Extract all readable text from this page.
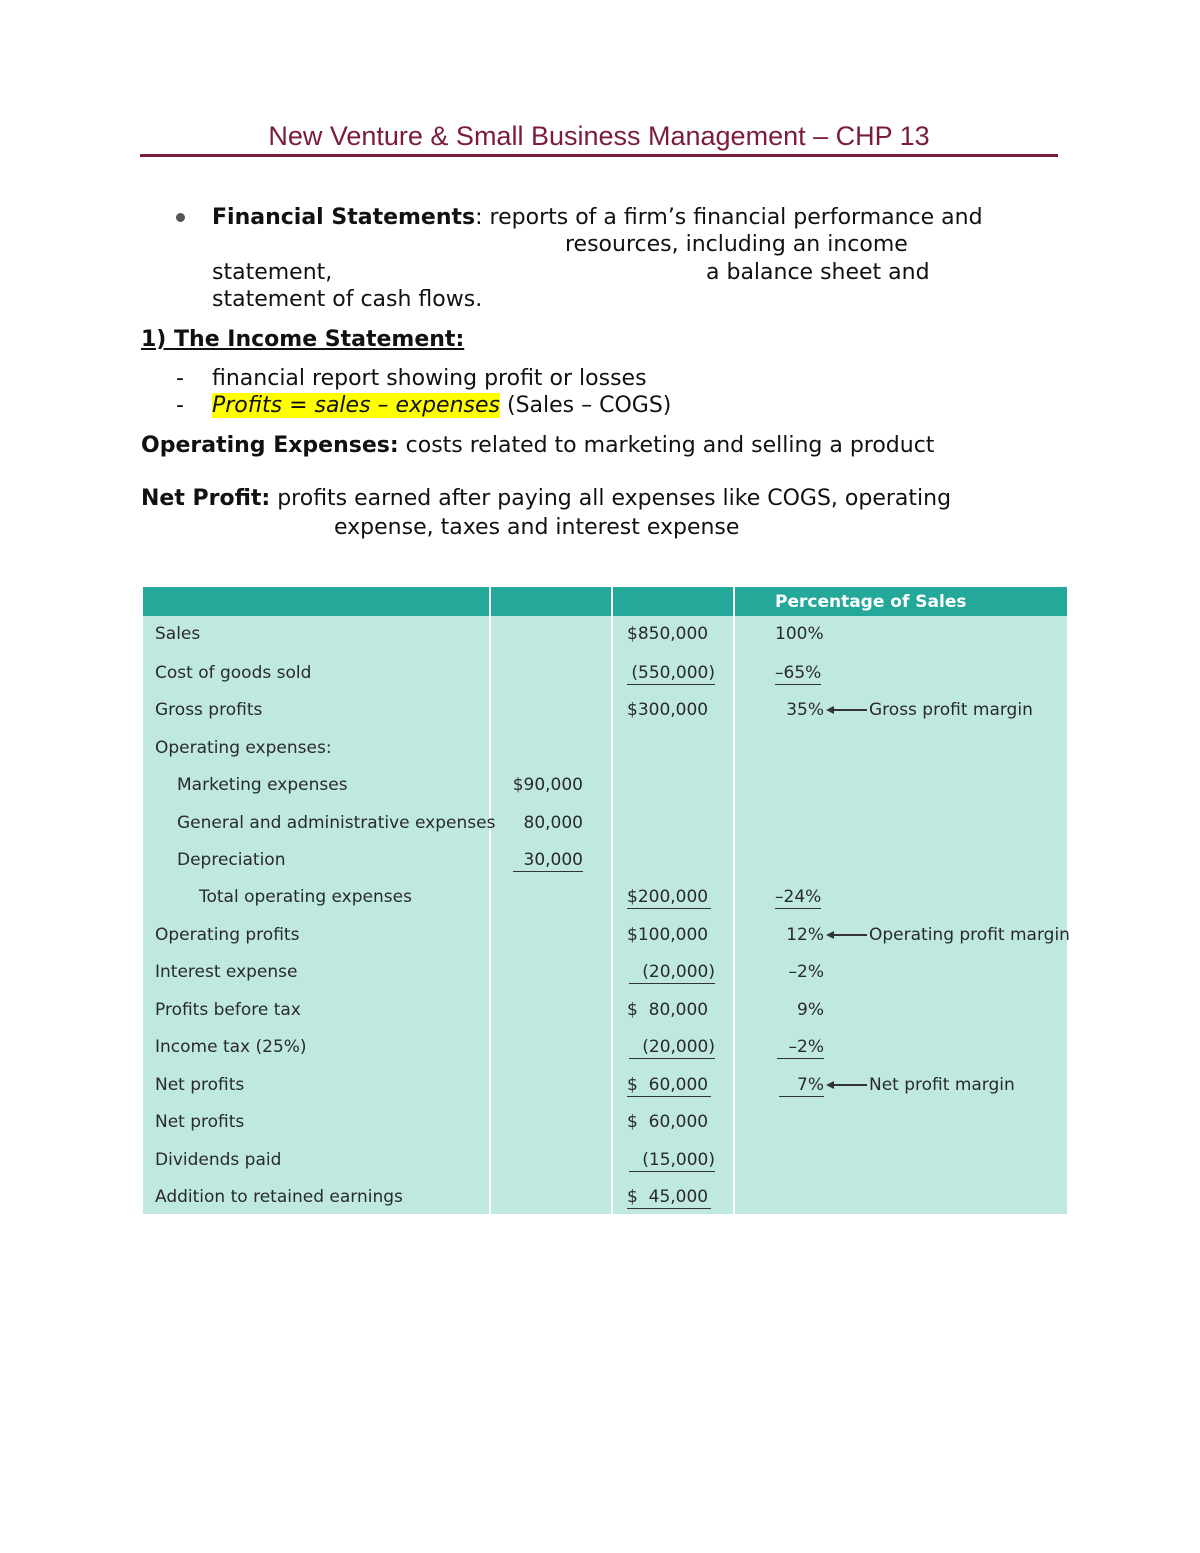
New Venture & Small Business Management – CHP 13
Financial Statements: reports of a firm’s financial performance and
resources, including an income
statement,	a balance sheet and
statement of cash flows.
1) The Income Statement:
- financial report showing profit or losses
- Profits = sales – expenses (Sales – COGS)
Operating Expenses: costs related to marketing and selling a product
Net Profit: profits earned after paying all expenses like COGS, operating
expense, taxes and interest expense
Percentage of Sales
Sales
Cost of goods sold
Gross profits
Operating expenses:
Marketing expenses
General and administrative expenses
Depreciation
Total operating expenses
Operating profits
Interest expense
Profits before tax
Income tax (25%)
Net profits
Net profits
Dividends paid
Addition to retained earnings
$90,000
80,000
30,000
$850,000
(550,000)
$300,000
$200,000
$100,000
(20,000)
$  80,000
(20,000)
$  60,000
$  60,000
(15,000)
$  45,000
100%
–65%
35%
–24%
12%
–2%
9%
–2%
7%
Gross profit margin
Operating profit margin
Net profit margin
